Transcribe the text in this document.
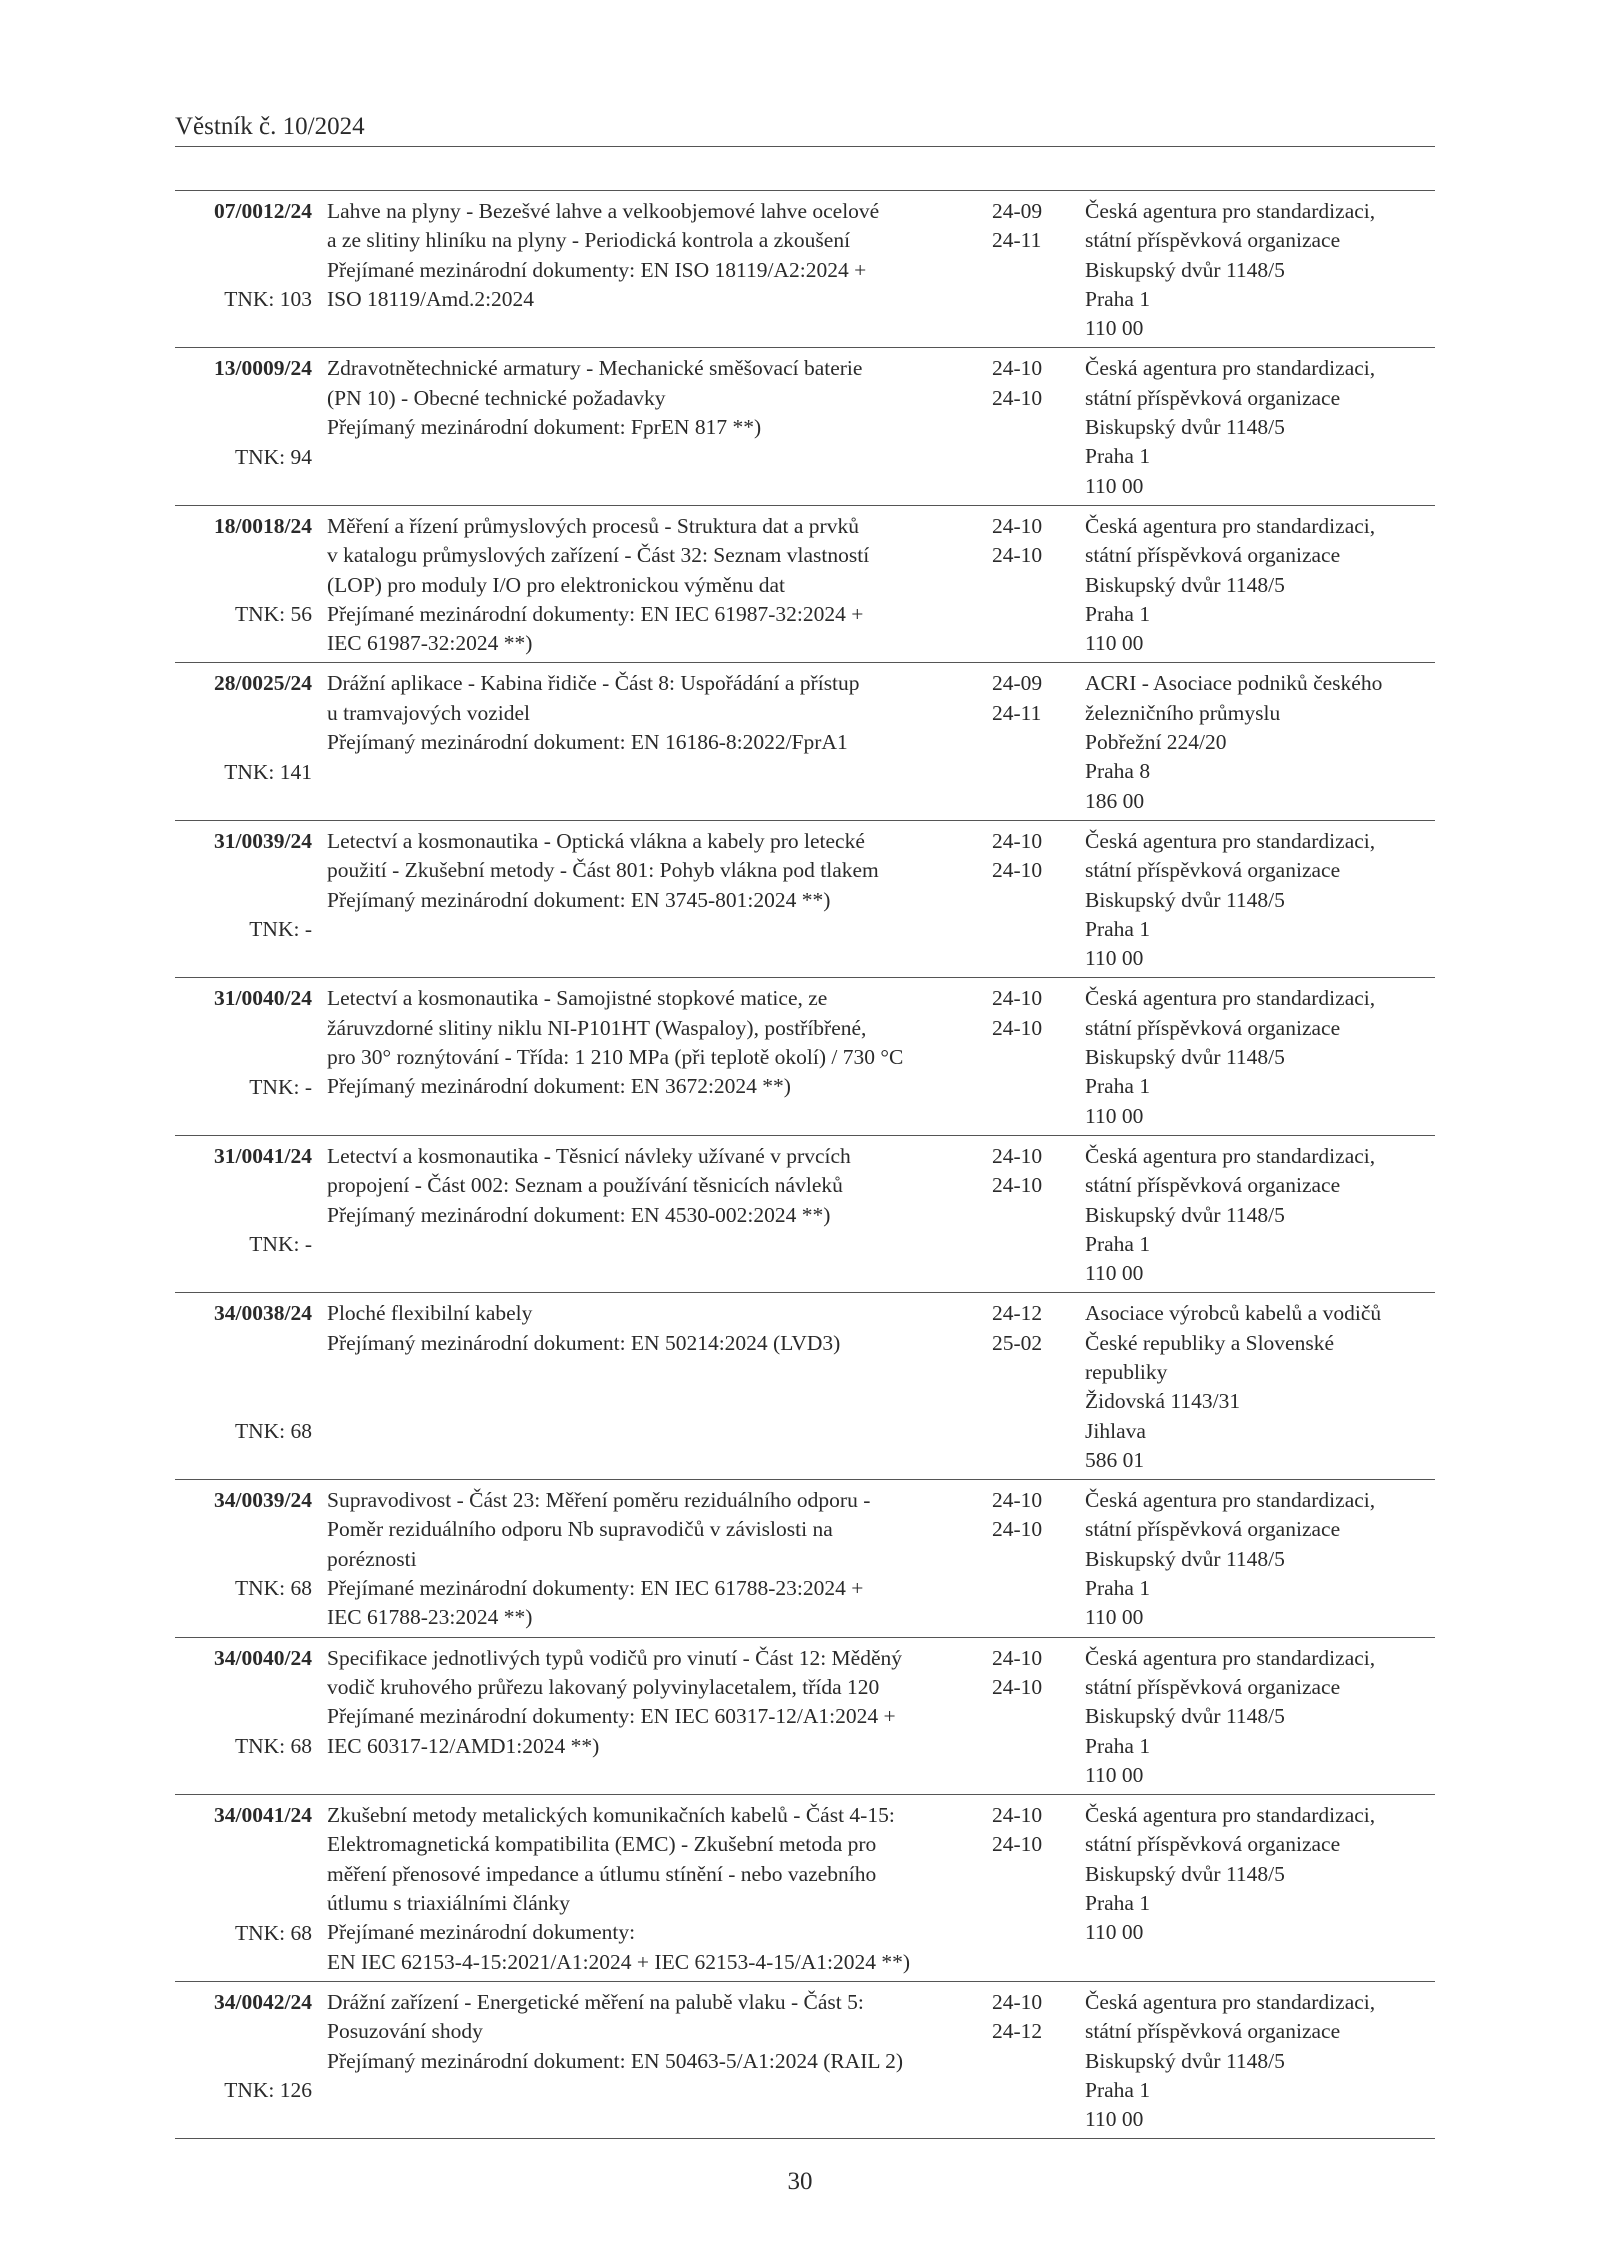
Věstník č. 10/2024
07/0012/24
TNK: 103
Lahve na plyny - Bezešvé lahve a velkoobjemové lahve ocelové
a ze slitiny hliníku na plyny - Periodická kontrola a zkoušení
Přejímané mezinárodní dokumenty: EN ISO 18119/A2:2024 +
ISO 18119/Amd.2:2024
24-09
24-11
Česká agentura pro standardizaci,
státní příspěvková organizace
Biskupský dvůr 1148/5
Praha 1
110 00
13/0009/24
TNK: 94
Zdravotnětechnické armatury - Mechanické směšovací baterie
(PN 10) - Obecné technické požadavky
Přejímaný mezinárodní dokument: FprEN 817 **)
24-10
24-10
Česká agentura pro standardizaci,
státní příspěvková organizace
Biskupský dvůr 1148/5
Praha 1
110 00
18/0018/24
TNK: 56
Měření a řízení průmyslových procesů - Struktura dat a prvků
v katalogu průmyslových zařízení - Část 32: Seznam vlastností
(LOP) pro moduly I/O pro elektronickou výměnu dat
Přejímané mezinárodní dokumenty: EN IEC 61987-32:2024 +
IEC 61987-32:2024 **)
24-10
24-10
Česká agentura pro standardizaci,
státní příspěvková organizace
Biskupský dvůr 1148/5
Praha 1
110 00
28/0025/24
TNK: 141
Drážní aplikace - Kabina řidiče - Část 8: Uspořádání a přístup
u tramvajových vozidel
Přejímaný mezinárodní dokument: EN 16186-8:2022/FprA1
24-09
24-11
ACRI - Asociace podniků českého
železničního průmyslu
Pobřežní 224/20
Praha 8
186 00
31/0039/24
TNK: -
Letectví a kosmonautika - Optická vlákna a kabely pro letecké
použití - Zkušební metody - Část 801: Pohyb vlákna pod tlakem
Přejímaný mezinárodní dokument: EN 3745-801:2024 **)
24-10
24-10
Česká agentura pro standardizaci,
státní příspěvková organizace
Biskupský dvůr 1148/5
Praha 1
110 00
31/0040/24
TNK: -
Letectví a kosmonautika - Samojistné stopkové matice, ze
žáruvzdorné slitiny niklu NI-P101HT (Waspaloy), postříbřené,
pro 30° roznýtování - Třída: 1 210 MPa (při teplotě okolí) / 730 °C
Přejímaný mezinárodní dokument: EN 3672:2024 **)
24-10
24-10
Česká agentura pro standardizaci,
státní příspěvková organizace
Biskupský dvůr 1148/5
Praha 1
110 00
31/0041/24
TNK: -
Letectví a kosmonautika - Těsnicí návleky užívané v prvcích
propojení - Část 002: Seznam a používání těsnicích návleků
Přejímaný mezinárodní dokument: EN 4530-002:2024 **)
24-10
24-10
Česká agentura pro standardizaci,
státní příspěvková organizace
Biskupský dvůr 1148/5
Praha 1
110 00
34/0038/24
TNK: 68
Ploché flexibilní kabely
Přejímaný mezinárodní dokument: EN 50214:2024 (LVD3)
24-12
25-02
Asociace výrobců kabelů a vodičů
České republiky a Slovenské
republiky
Židovská 1143/31
Jihlava
586 01
34/0039/24
TNK: 68
Supravodivost - Část 23: Měření poměru reziduálního odporu -
Poměr reziduálního odporu Nb supravodičů v závislosti na
poréznosti
Přejímané mezinárodní dokumenty: EN IEC 61788-23:2024 +
IEC 61788-23:2024 **)
24-10
24-10
Česká agentura pro standardizaci,
státní příspěvková organizace
Biskupský dvůr 1148/5
Praha 1
110 00
34/0040/24
TNK: 68
Specifikace jednotlivých typů vodičů pro vinutí - Část 12: Měděný
vodič kruhového průřezu lakovaný polyvinylacetalem, třída 120
Přejímané mezinárodní dokumenty: EN IEC 60317-12/A1:2024 +
IEC 60317-12/AMD1:2024 **)
24-10
24-10
Česká agentura pro standardizaci,
státní příspěvková organizace
Biskupský dvůr 1148/5
Praha 1
110 00
34/0041/24
TNK: 68
Zkušební metody metalických komunikačních kabelů - Část 4-15:
Elektromagnetická kompatibilita (EMC) - Zkušební metoda pro
měření přenosové impedance a útlumu stínění - nebo vazebního
útlumu s triaxiálními články
Přejímané mezinárodní dokumenty:
EN IEC 62153-4-15:2021/A1:2024 + IEC 62153-4-15/A1:2024 **)
24-10
24-10
Česká agentura pro standardizaci,
státní příspěvková organizace
Biskupský dvůr 1148/5
Praha 1
110 00
34/0042/24
TNK: 126
Drážní zařízení - Energetické měření na palubě vlaku - Část 5:
Posuzování shody
Přejímaný mezinárodní dokument: EN 50463-5/A1:2024 (RAIL 2)
24-10
24-12
Česká agentura pro standardizaci,
státní příspěvková organizace
Biskupský dvůr 1148/5
Praha 1
110 00
30
